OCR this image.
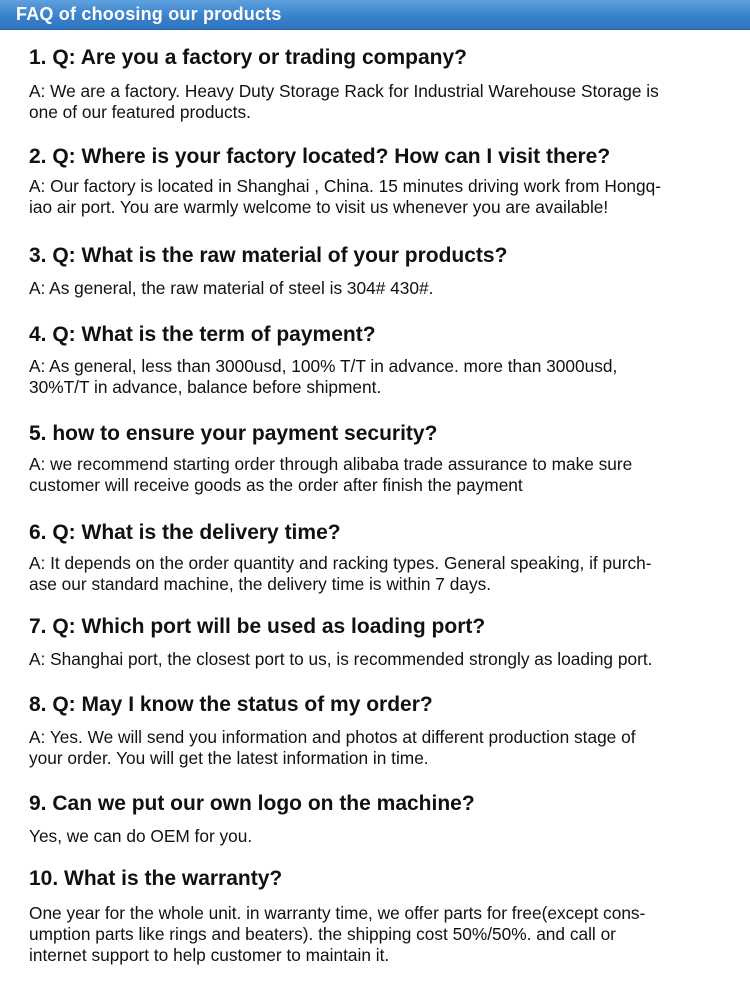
FAQ of choosing our products
1. Q: Are you a factory or trading company?
A: We are a factory. Heavy Duty Storage Rack for Industrial Warehouse Storage is
one of our featured products.
2. Q: Where is your factory located? How can I visit there?
A: Our factory is located in Shanghai , China. 15 minutes driving work from Hongq-
iao air port. You are warmly welcome to visit us whenever you are available!
3. Q: What is the raw material of your products?
A: As general, the raw material of steel is 304# 430#.
4. Q: What is the term of payment?
A: As general, less than 3000usd, 100% T/T in advance. more than 3000usd,
30%T/T in advance, balance before shipment.
5. how to ensure your payment security?
A: we recommend starting order through alibaba trade assurance to make sure
customer will receive goods as the order after finish the payment
6. Q: What is the delivery time?
A: It depends on the order quantity and racking types. General speaking, if purch-
ase our standard machine, the delivery time is within 7 days.
7. Q: Which port will be used as loading port?
A: Shanghai port, the closest port to us, is recommended strongly as loading port.
8. Q: May I know the status of my order?
A: Yes. We will send you information and photos at different production stage of
your order. You will get the latest information in time.
9. Can we put our own logo on the machine?
Yes, we can do OEM for you.
10. What is the warranty?
One year for the whole unit. in warranty time, we offer parts for free(except cons-
umption parts like rings and beaters). the shipping cost 50%/50%. and call or
internet support to help customer to maintain it.
